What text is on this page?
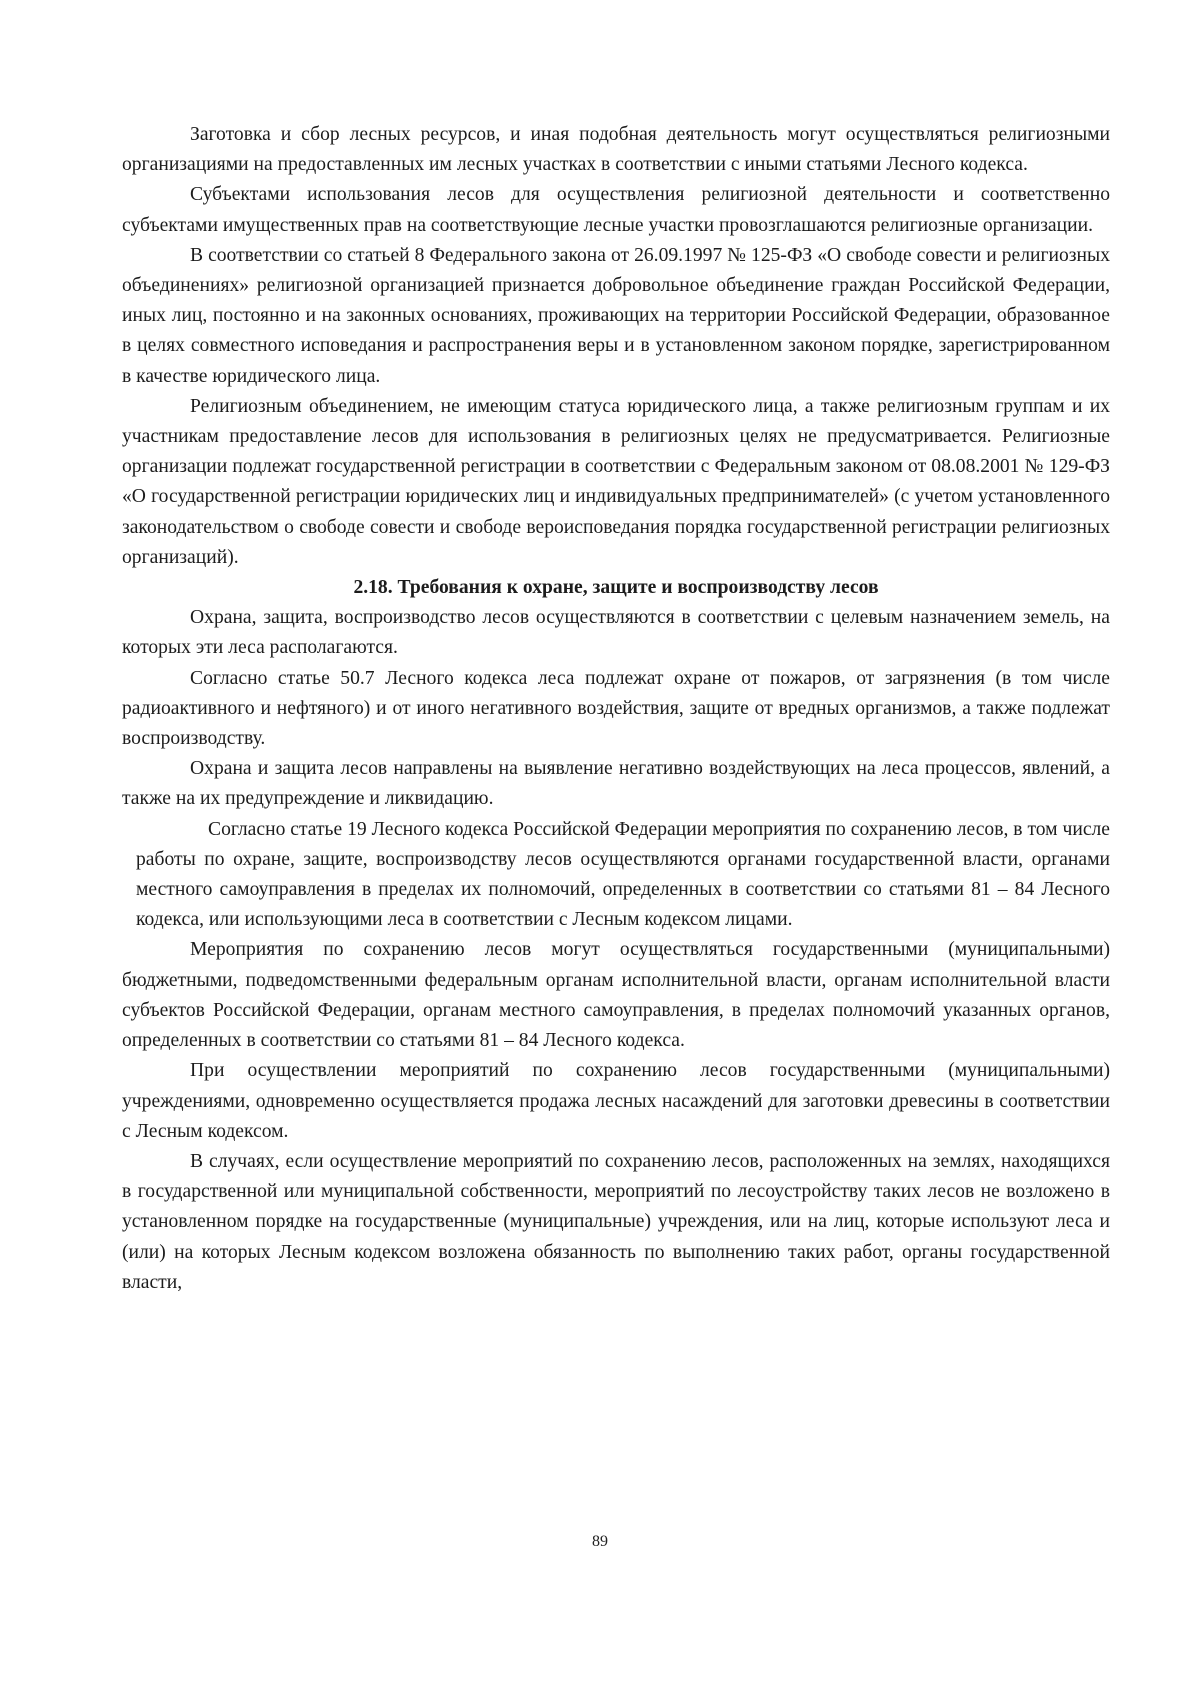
Заготовка и сбор лесных ресурсов, и иная подобная деятельность могут осуществляться религиозными организациями на предоставленных им лесных участках в соответствии с иными статьями Лесного кодекса.

Субъектами использования лесов для осуществления религиозной деятельности и соответственно субъектами имущественных прав на соответствующие лесные участки провозглашаются религиозные организации.

В соответствии со статьей 8 Федерального закона от 26.09.1997 № 125-ФЗ «О свободе совести и религиозных объединениях» религиозной организацией признается добровольное объединение граждан Российской Федерации, иных лиц, постоянно и на законных основаниях, проживающих на территории Российской Федерации, образованное в целях совместного исповедания и распространения веры и в установленном законом порядке, зарегистрированном в качестве юридического лица.

Религиозным объединением, не имеющим статуса юридического лица, а также религиозным группам и их участникам предоставление лесов для использования в религиозных целях не предусматривается. Религиозные организации подлежат государственной регистрации в соответствии с Федеральным законом от 08.08.2001 № 129-ФЗ «О государственной регистрации юридических лиц и индивидуальных предпринимателей» (с учетом установленного законодательством о свободе совести и свободе вероисповедания порядка государственной регистрации религиозных организаций).

2.18. Требования к охране, защите и воспроизводству лесов

Охрана, защита, воспроизводство лесов осуществляются в соответствии с целевым назначением земель, на которых эти леса располагаются.

Согласно статье 50.7 Лесного кодекса леса подлежат охране от пожаров, от загрязнения (в том числе радиоактивного и нефтяного) и от иного негативного воздействия, защите от вредных организмов, а также подлежат воспроизводству.

Охрана и защита лесов направлены на выявление негативно воздействующих на леса процессов, явлений, а также на их предупреждение и ликвидацию.

Согласно статье 19 Лесного кодекса Российской Федерации мероприятия по сохранению лесов, в том числе работы по охране, защите, воспроизводству лесов осуществляются органами государственной власти, органами местного самоуправления в пределах их полномочий, определенных в соответствии со статьями 81 – 84 Лесного кодекса, или использующими леса в соответствии с Лесным кодексом лицами.

Мероприятия по сохранению лесов могут осуществляться государственными (муниципальными) бюджетными, подведомственными федеральным органам исполнительной власти, органам исполнительной власти субъектов Российской Федерации, органам местного самоуправления, в пределах полномочий указанных органов, определенных в соответствии со статьями 81 – 84 Лесного кодекса.

При осуществлении мероприятий по сохранению лесов государственными (муниципальными) учреждениями, одновременно осуществляется продажа лесных насаждений для заготовки древесины в соответствии с Лесным кодексом.

В случаях, если осуществление мероприятий по сохранению лесов, расположенных на землях, находящихся в государственной или муниципальной собственности, мероприятий по лесоустройству таких лесов не возложено в установленном порядке на государственные (муниципальные) учреждения, или на лиц, которые используют леса и (или) на которых Лесным кодексом возложена обязанность по выполнению таких работ, органы государственной власти,

89
